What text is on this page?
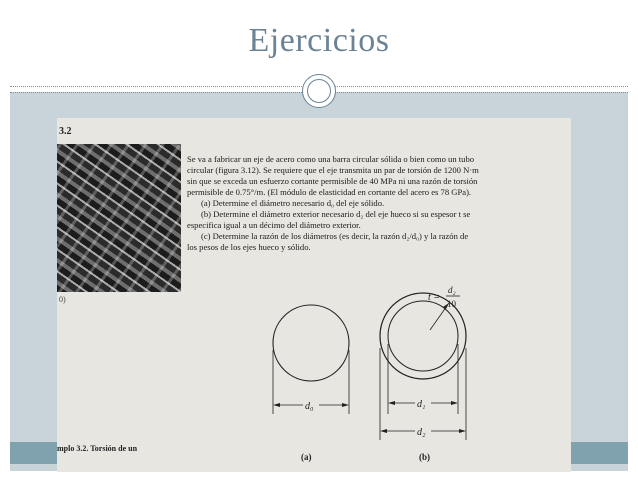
Ejercicios
3.2
0)

Se va a fabricar un eje de acero como una barra circular sólida o bien como un tubo

circular (figura 3.12). Se requiere que el eje transmita un par de torsión de 1200 N·m

sin que se exceda un esfuerzo cortante permisible de 40 MPa ni una razón de torsión

permisible de 0.75°/m. (El módulo de elasticidad en cortante del acero es 78 GPa).

(a) Determine el diámetro necesario d₀ del eje sólido.

(b) Determine el diámetro exterior necesario d₂ del eje hueco si su espesor t se

especifica igual a un décimo del diámetro exterior.

(c) Determine la razón de los diámetros (es decir, la razón d₂/d₀) y la razón de

los pesos de los ejes hueco y sólido.

d₀	d₁
d₂
t =
d₂
10
mplo 3.2. Torsión de un
(a)	(b)
